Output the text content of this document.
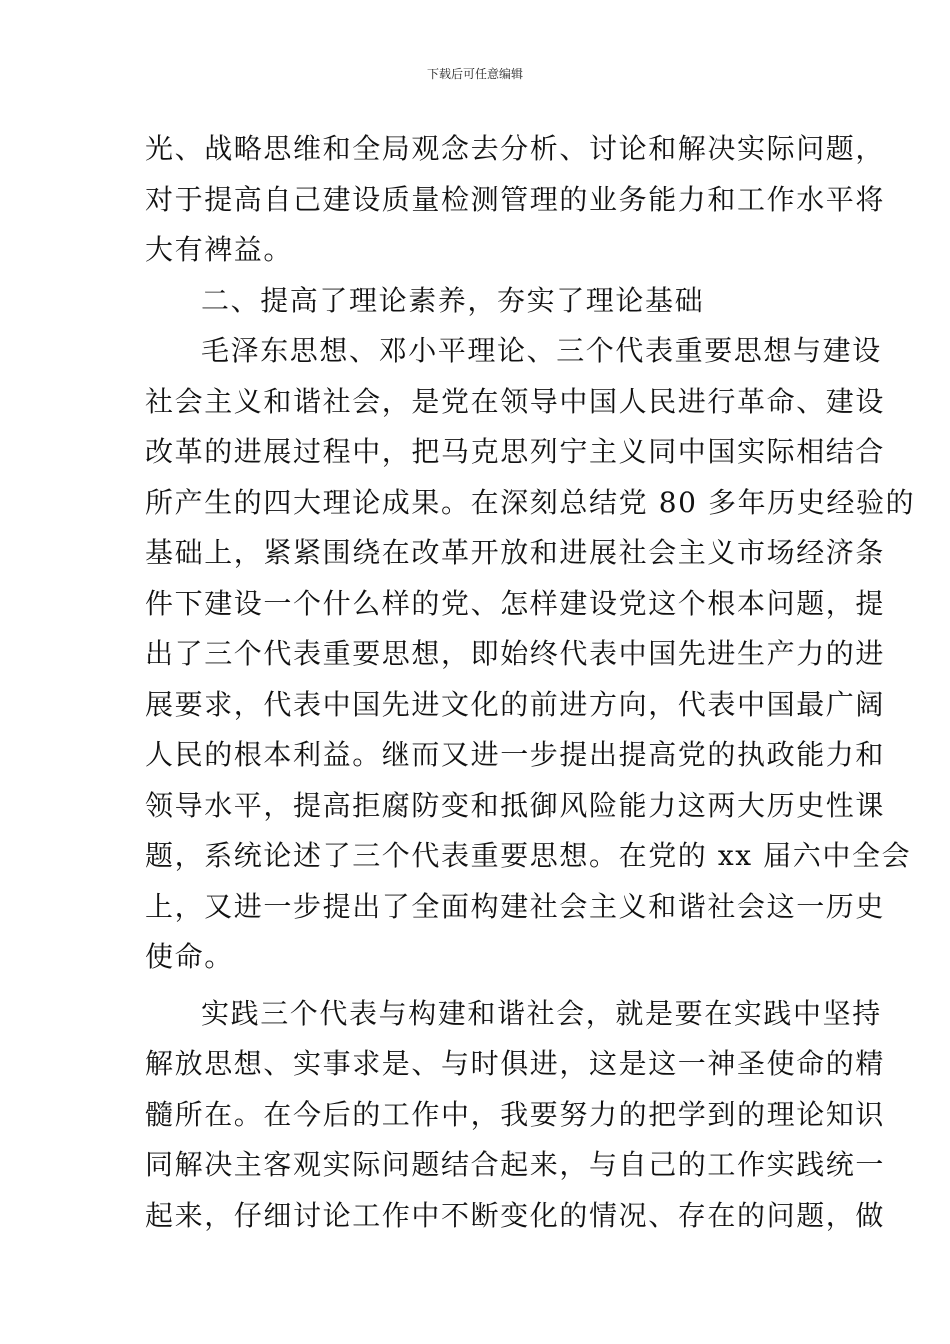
下载后可任意编辑
光、战略思维和全局观念去分析、讨论和解决实际问题，
对于提高自己建设质量检测管理的业务能力和工作水平将
大有裨益。
二、提高了理论素养，夯实了理论基础
毛泽东思想、邓小平理论、三个代表重要思想与建设
社会主义和谐社会，是党在领导中国人民进行革命、建设
改革的进展过程中，把马克思列宁主义同中国实际相结合
所产生的四大理论成果。在深刻总结党 80 多年历史经验的
基础上，紧紧围绕在改革开放和进展社会主义市场经济条
件下建设一个什么样的党、怎样建设党这个根本问题，提
出了三个代表重要思想，即始终代表中国先进生产力的进
展要求，代表中国先进文化的前进方向，代表中国最广阔
人民的根本利益。继而又进一步提出提高党的执政能力和
领导水平，提高拒腐防变和抵御风险能力这两大历史性课
题，系统论述了三个代表重要思想。在党的 xx 届六中全会
上，又进一步提出了全面构建社会主义和谐社会这一历史
使命。
实践三个代表与构建和谐社会，就是要在实践中坚持
解放思想、实事求是、与时俱进，这是这一神圣使命的精
髓所在。在今后的工作中，我要努力的把学到的理论知识
同解决主客观实际问题结合起来，与自己的工作实践统一
起来，仔细讨论工作中不断变化的情况、存在的问题，做
